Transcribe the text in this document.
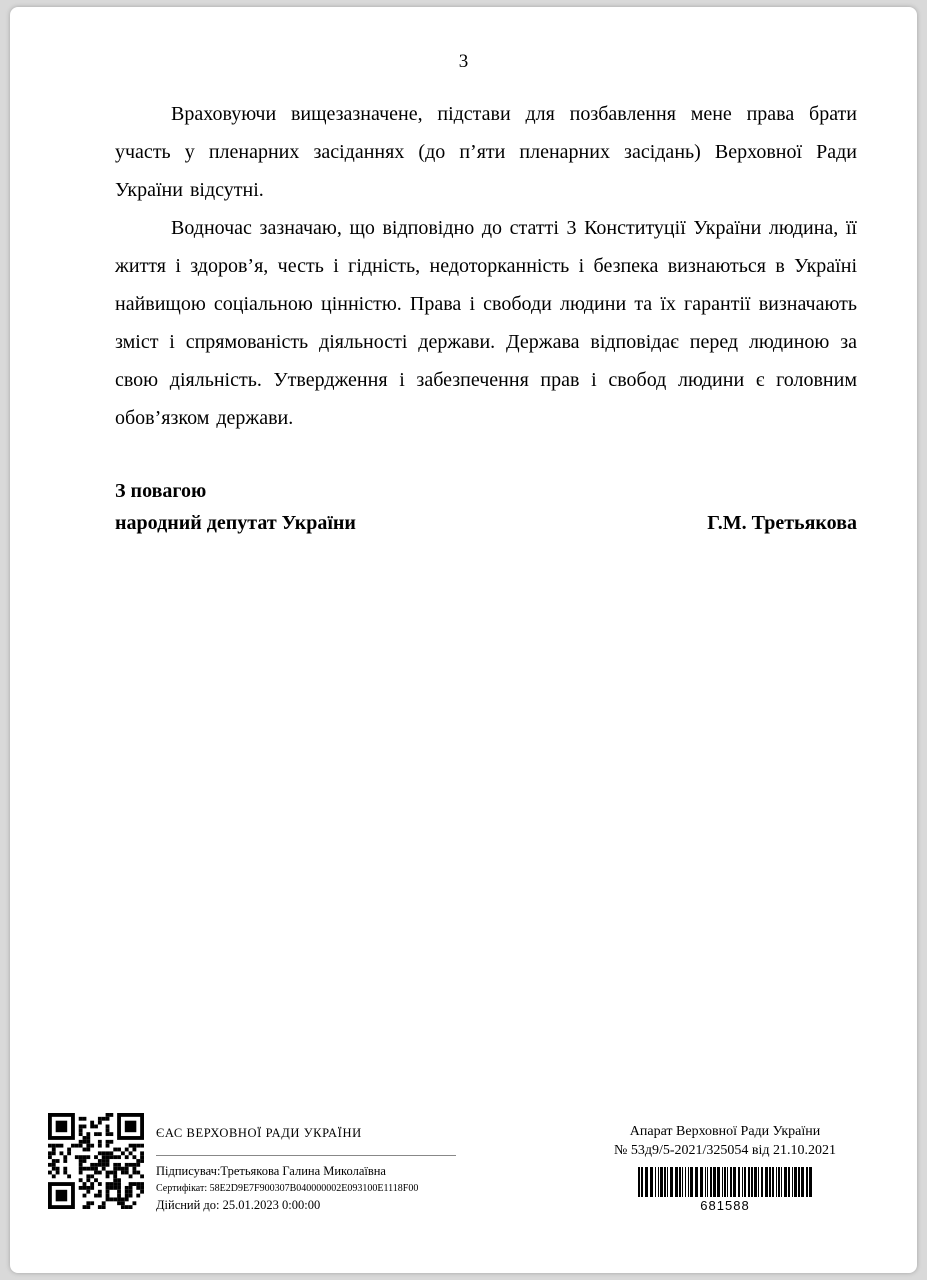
3

Враховуючи вищезазначене, підстави для позбавлення мене права брати участь у пленарних засіданнях (до п’яти пленарних засідань) Верховної Ради України відсутні.

Водночас зазначаю, що відповідно до статті 3 Конституції України людина, її життя і здоров’я, честь і гідність, недоторканність і безпека визнаються в Україні найвищою соціальною цінністю. Права і свободи людини та їх гарантії визначають зміст і спрямованість діяльності держави. Держава відповідає перед людиною за свою діяльність. Утвердження і забезпечення прав і свобод людини є головним обов’язком держави.

З повагою
народний депутат України	Г.М. Третьякова
ЄАС ВЕРХОВНОЇ РАДИ УКРАЇНИ
Підписувач:Третьякова Галина Миколаївна
Сертифікат: 58E2D9E7F900307B040000002E093100E1118F00
Дійсний до: 25.01.2023 0:00:00
Апарат Верховної Ради України
№ 53д9/5-2021/325054 від 21.10.2021
681588
